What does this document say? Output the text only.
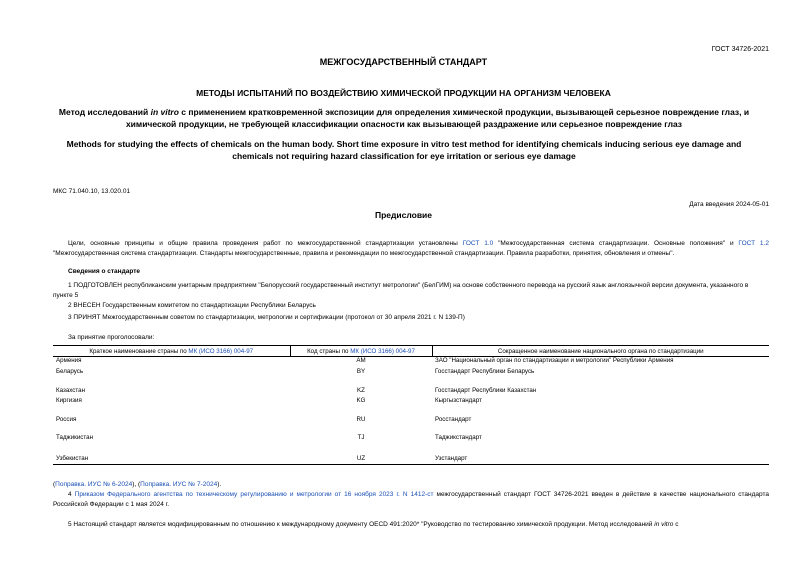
ГОСТ 34726-2021
МЕЖГОСУДАРСТВЕННЫЙ СТАНДАРТ
МЕТОДЫ ИСПЫТАНИЙ ПО ВОЗДЕЙСТВИЮ ХИМИЧЕСКОЙ ПРОДУКЦИИ НА ОРГАНИЗМ ЧЕЛОВЕКА
Метод исследований in vitro с применением кратковременной экспозиции для определения химической продукции, вызывающей серьезное повреждение глаз, и химической продукции, не требующей классификации опасности как вызывающей раздражение или серьезное повреждение глаз
Methods for studying the effects of chemicals on the human body. Short time exposure in vitro test method for identifying chemicals inducing serious eye damage and chemicals not requiring hazard classification for eye irritation or serious eye damage
МКС 71.040.10, 13.020.01
Дата введения 2024-05-01
Предисловие
Цели, основные принципы и общие правила проведения работ по межгосударственной стандартизации установлены ГОСТ 1.0 "Межгосударственная система стандартизации. Основные положения" и ГОСТ 1.2 "Межгосударственная система стандартизации. Стандарты межгосударственные, правила и рекомендации по межгосударственной стандартизации. Правила разработки, принятия, обновления и отмены".
Сведения о стандарте
1 ПОДГОТОВЛЕН республиканским унитарным предприятием "Белорусский государственный институт метрологии" (БелГИМ) на основе собственного перевода на русский язык англоязычной версии документа, указанного в пункте 5
2 ВНЕСЕН Государственным комитетом по стандартизации Республики Беларусь
3 ПРИНЯТ Межгосударственным советом по стандартизации, метрологии и сертификации (протокол от 30 апреля 2021 г. N 139-П)
За принятие проголосовали:
Краткое наименование страны по МК (ИСО 3166) 004-97	Код страны по МК (ИСО 3166) 004-97	Сокращенное наименование национального органа по стандартизации
Армения	AM	ЗАО "Национальный орган по стандартизации и метрологии" Республики Армения
Беларусь	BY	Госстандарт Республики Беларусь
Казахстан	KZ	Госстандарт Республики Казахстан
Киргизия	KG	Кыргызстандарт
Россия	RU	Росстандарт
Таджикистан	TJ	Таджикстандарт
Узбекистан	UZ	Узстандарт
(Поправка. ИУС № 6-2024), (Поправка. ИУС № 7-2024).
4 Приказом Федерального агентства по техническому регулированию и метрологии от 16 ноября 2023 г. N 1412-ст межгосударственный стандарт ГОСТ 34726-2021 введен в действие в качестве национального стандарта Российской Федерации с 1 мая 2024 г.
5 Настоящий стандарт является модифицированным по отношению к международному документу OECD 491:2020* "Руководство по тестированию химической продукции. Метод исследований in vitro с
